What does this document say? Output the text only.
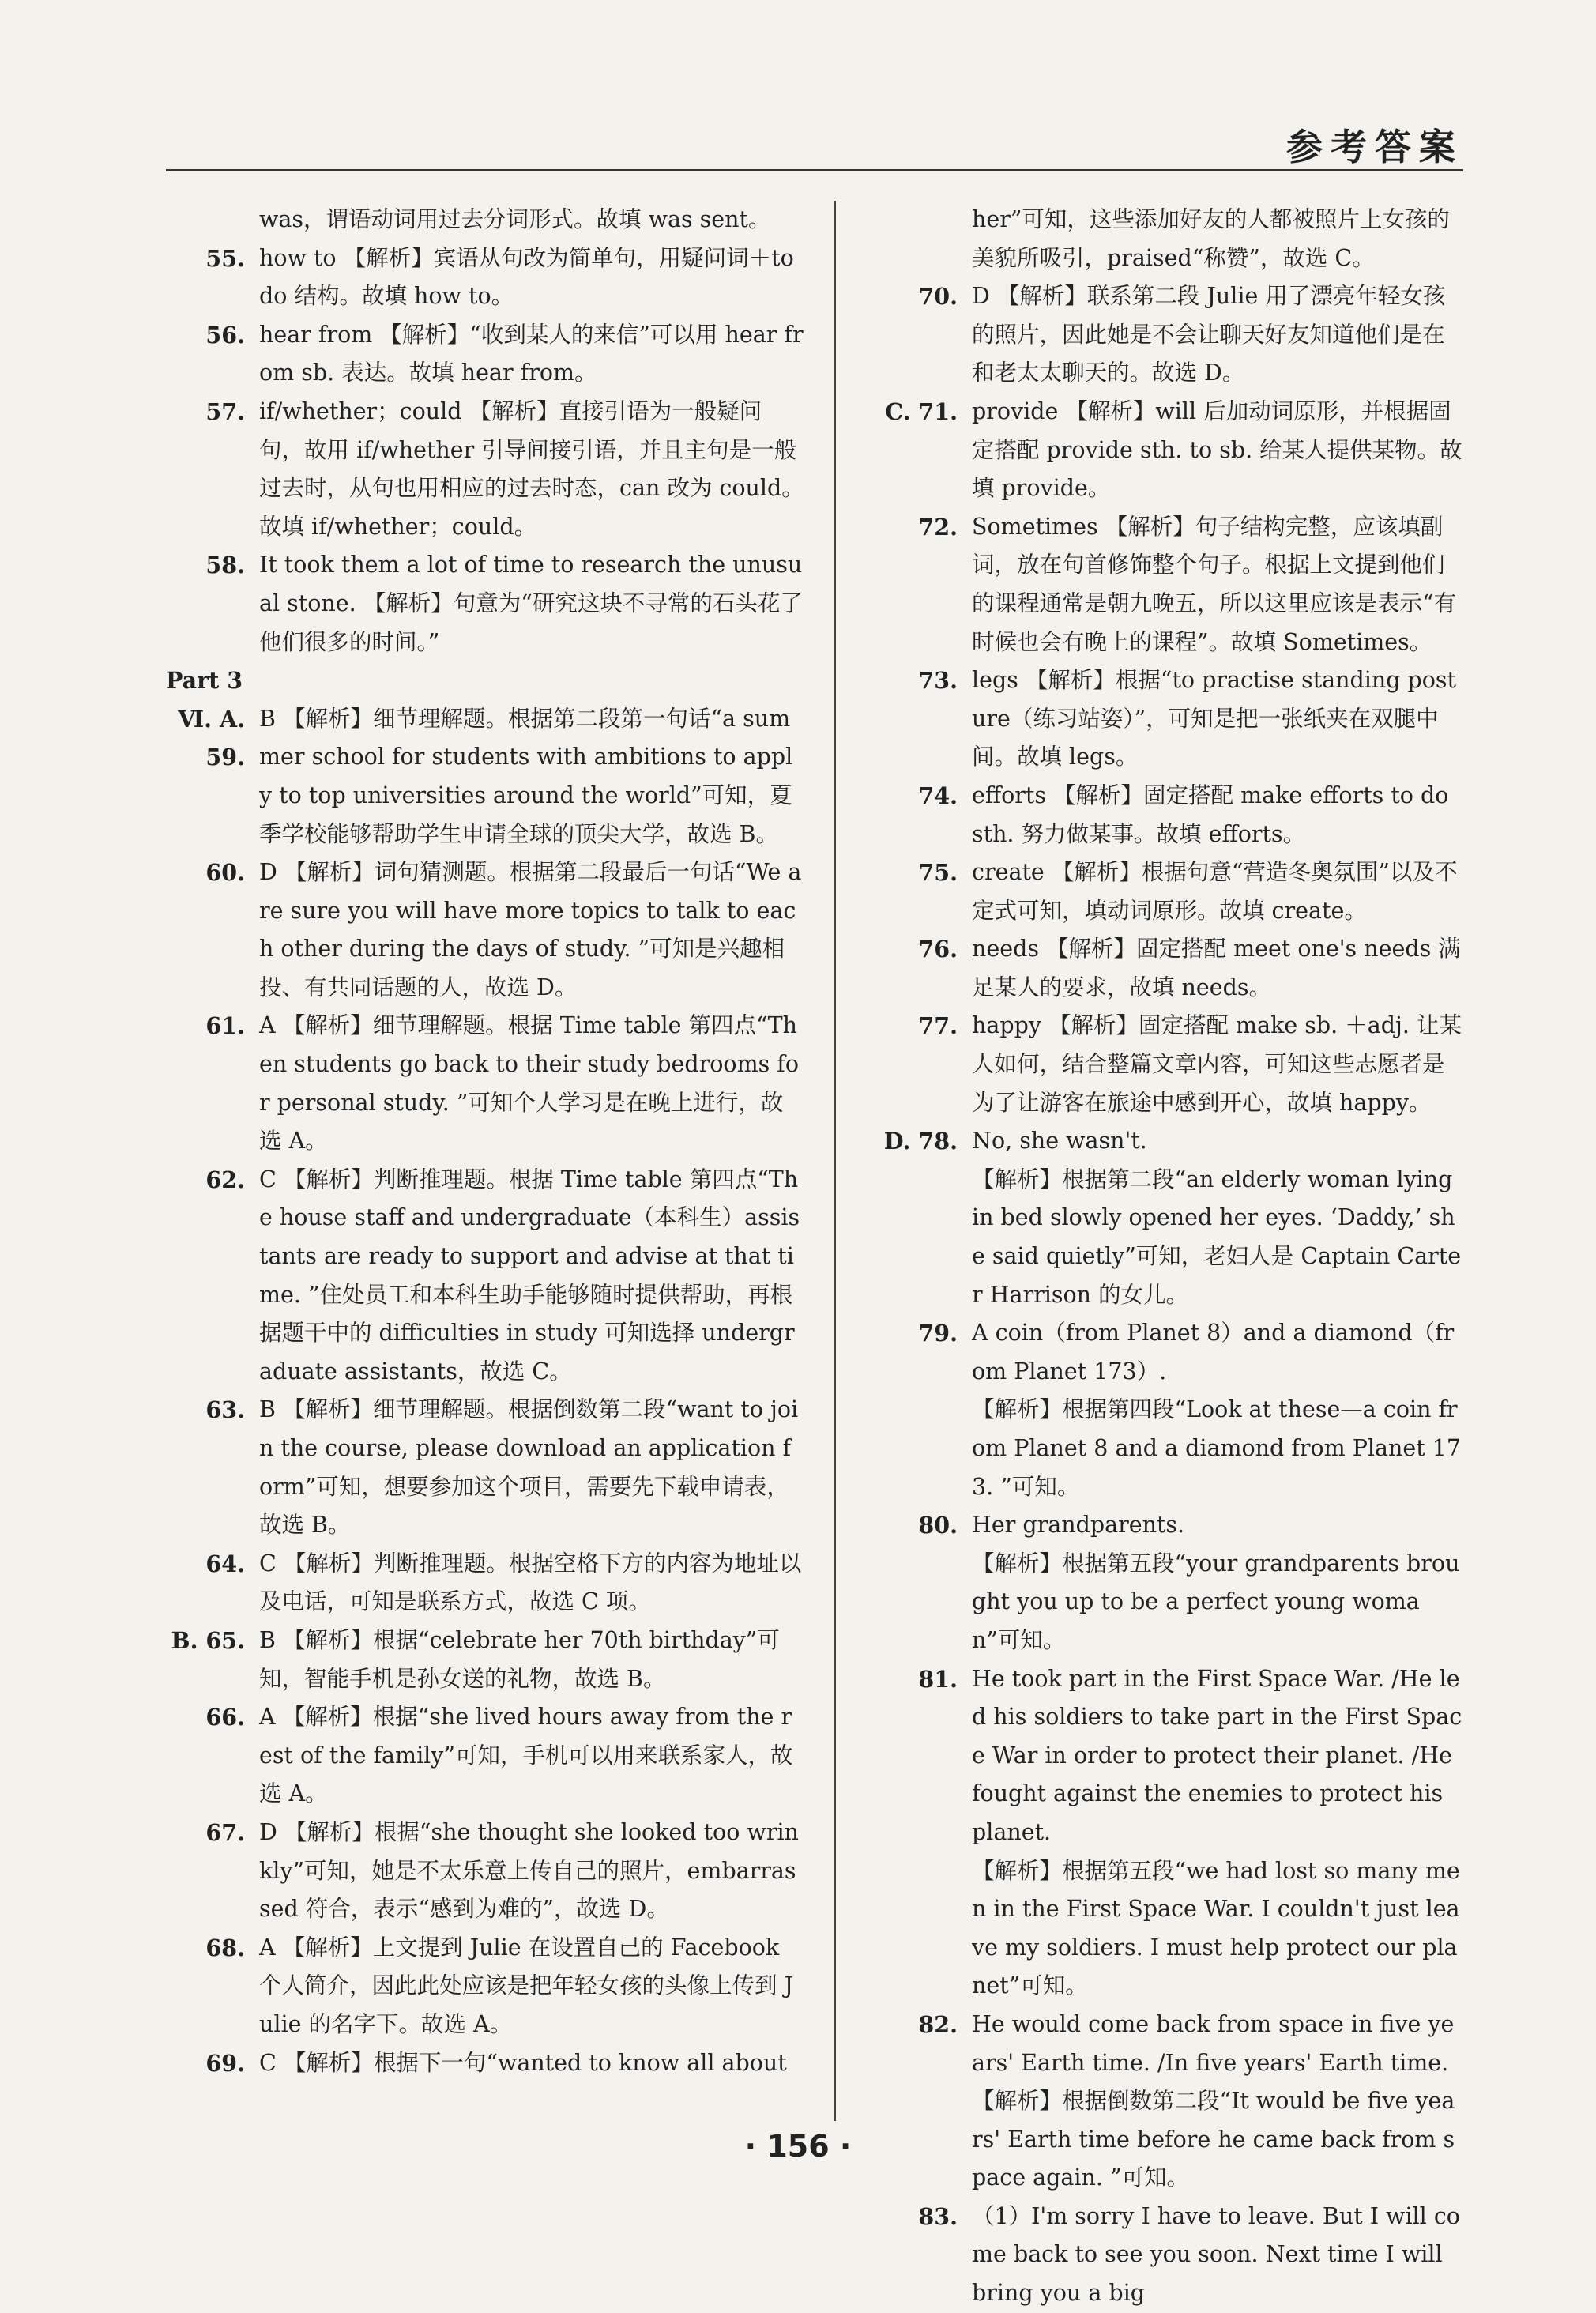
参考答案
was，谓语动词用过去分词形式。故填 was sent。
55. how to 【解析】宾语从句改为简单句，用疑问词＋to do 结构。故填 how to。
56. hear from 【解析】“收到某人的来信”可以用 hear from sb. 表达。故填 hear from。
57. if/whether；could 【解析】直接引语为一般疑问句，故用 if/whether 引导间接引语，并且主句是一般过去时，从句也用相应的过去时态，can 改为 could。故填 if/whether；could。
58. It took them a lot of time to research the unusual stone. 【解析】句意为“研究这块不寻常的石头花了他们很多的时间。”
Part 3
Ⅵ. A. 59.
B 【解析】细节理解题。根据第二段第一句话“a summer school for students with ambitions to apply to top universities around the world”可知，夏季学校能够帮助学生申请全球的顶尖大学，故选 B。
60. D 【解析】词句猜测题。根据第二段最后一句话“We are sure you will have more topics to talk to each other during the days of study. ”可知是兴趣相投、有共同话题的人，故选 D。
61. A 【解析】细节理解题。根据 Time table 第四点“Then students go back to their study bedrooms for personal study. ”可知个人学习是在晚上进行，故选 A。
62. C 【解析】判断推理题。根据 Time table 第四点“The house staff and undergraduate（本科生）assistants are ready to support and advise at that time. ”住处员工和本科生助手能够随时提供帮助，再根据题干中的 difficulties in study 可知选择 undergraduate assistants，故选 C。
63. B 【解析】细节理解题。根据倒数第二段“want to join the course, please download an application form”可知，想要参加这个项目，需要先下载申请表，故选 B。
64. C 【解析】判断推理题。根据空格下方的内容为地址以及电话，可知是联系方式，故选 C 项。
B. 65. B 【解析】根据“celebrate her 70th birthday”可知，智能手机是孙女送的礼物，故选 B。
66. A 【解析】根据“she lived hours away from the rest of the family”可知，手机可以用来联系家人，故选 A。
67. D 【解析】根据“she thought she looked too wrinkly”可知，她是不太乐意上传自己的照片，embarrassed 符合，表示“感到为难的”，故选 D。
68. A 【解析】上文提到 Julie 在设置自己的 Facebook 个人简介，因此此处应该是把年轻女孩的头像上传到 Julie 的名字下。故选 A。
69. C 【解析】根据下一句“wanted to know all about
her”可知，这些添加好友的人都被照片上女孩的美貌所吸引，praised“称赞”，故选 C。
70. D 【解析】联系第二段 Julie 用了漂亮年轻女孩的照片，因此她是不会让聊天好友知道他们是在和老太太聊天的。故选 D。
C. 71. provide 【解析】will 后加动词原形，并根据固定搭配 provide sth. to sb. 给某人提供某物。故填 provide。
72. Sometimes 【解析】句子结构完整，应该填副词，放在句首修饰整个句子。根据上文提到他们的课程通常是朝九晚五，所以这里应该是表示“有时候也会有晚上的课程”。故填 Sometimes。
73. legs 【解析】根据“to practise standing posture（练习站姿）”，可知是把一张纸夹在双腿中间。故填 legs。
74. efforts 【解析】固定搭配 make efforts to do sth. 努力做某事。故填 efforts。
75. create 【解析】根据句意“营造冬奥氛围”以及不定式可知，填动词原形。故填 create。
76. needs 【解析】固定搭配 meet one's needs 满足某人的要求，故填 needs。
77. happy 【解析】固定搭配 make sb. ＋adj. 让某人如何，结合整篇文章内容，可知这些志愿者是为了让游客在旅途中感到开心，故填 happy。
D. 78. No, she wasn't.
【解析】根据第二段“an elderly woman lying in bed slowly opened her eyes. ‘Daddy,’ she said quietly”可知，老妇人是 Captain Carter Harrison 的女儿。
79. A coin（from Planet 8）and a diamond（from Planet 173）.
【解析】根据第四段“Look at these—a coin from Planet 8 and a diamond from Planet 173. ”可知。
80. Her grandparents.
【解析】根据第五段“your grandparents brought you up to be a perfect young woman”可知。
81. He took part in the First Space War. /He led his soldiers to take part in the First Space War in order to protect their planet. /He fought against the enemies to protect his planet.
【解析】根据第五段“we had lost so many men in the First Space War. I couldn't just leave my soldiers. I must help protect our planet”可知。
82. He would come back from space in five years' Earth time. /In five years' Earth time.
【解析】根据倒数第二段“It would be five years' Earth time before he came back from space again. ”可知。
83. （1）I'm sorry I have to leave. But I will come back to see you soon. Next time I will bring you a big
· 156 ·
